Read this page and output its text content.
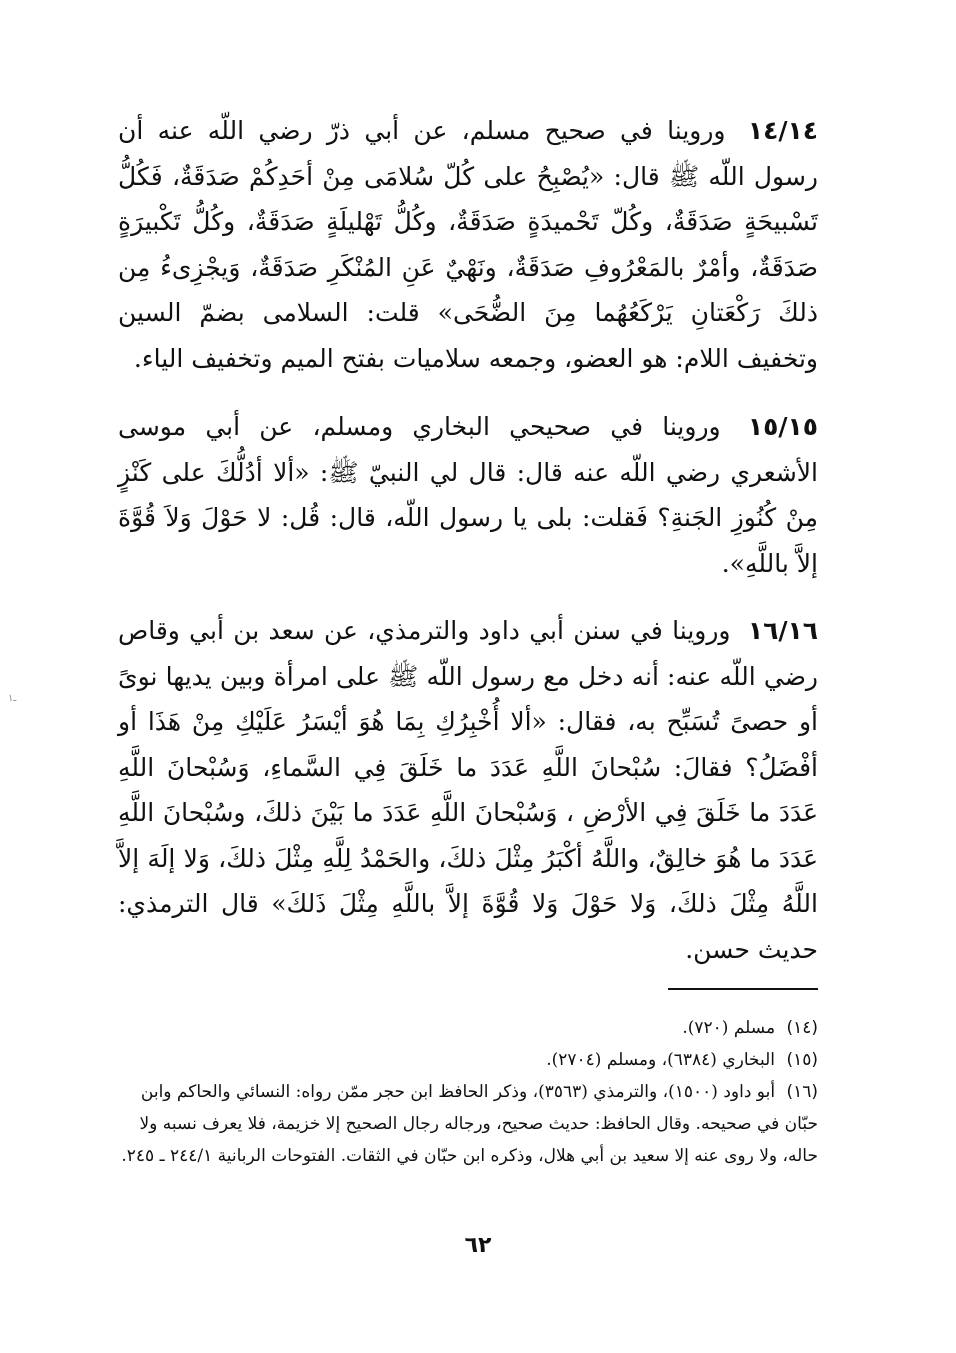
١٤/١٤ وروينا في صحيح مسلم، عن أبي ذرّ رضي اللّه عنه أن رسول اللّه ﷺ قال: «يُصْبِحُ على كُلّ سُلامَى مِنْ أحَدِكُمْ صَدَقَةٌ، فَكُلُّ تَسْبيحَةٍ صَدَقَةٌ، وكُلّ تَحْميدَةٍ صَدَقَةٌ، وكُلُّ تَهْليلَةٍ صَدَقَةٌ، وكُلُّ تَكْبيرَةٍ صَدَقَةٌ، وأمْرٌ بالمَعْرُوفِ صَدَقَةٌ، ونَهْيٌ عَنِ المُنْكَرِ صَدَقَةٌ، وَيجْزِىءُ مِن ذلكَ رَكْعَتانِ يَرْكَعُهُما مِنَ الضُّحَى» قلت: السلامى بضمّ السين وتخفيف اللام: هو العضو، وجمعه سلاميات بفتح الميم وتخفيف الياء.
١٥/١٥ وروينا في صحيحي البخاري ومسلم، عن أبي موسى الأشعري رضي اللّه عنه قال: قال لي النبيّ ﷺ: «ألا أدُلُّكَ على كَنْزٍ مِنْ كُنُوزِ الجَنةِ؟ فَقلت: بلى يا رسول اللّه، قال: قُل: لا حَوْلَ وَلاَ قُوَّةَ إلاَّ باللَّهِ».
١٦/١٦ وروينا في سنن أبي داود والترمذي، عن سعد بن أبي وقاص رضي اللّه عنه: أنه دخل مع رسول اللّه ﷺ على امرأة وبين يديها نوىً أو حصىً تُسَبِّح به، فقال: «ألا أُخْبِرُكِ بِمَا هُوَ أيْسَرُ عَلَيْكِ مِنْ هَذَا أو أفْضَلُ؟ فقالَ: سُبْحانَ اللَّهِ عَدَدَ ما خَلَقَ فِي السَّماءِ، وَسُبْحانَ اللَّهِ عَدَدَ ما خَلَقَ فِي الأرْضِ ، وَسُبْحانَ اللَّهِ عَدَدَ ما بَيْنَ ذلكَ، وسُبْحانَ اللَّهِ عَدَدَ ما هُوَ خالِقٌ، واللَّهُ أكْبَرُ مِثْلَ ذلكَ، والحَمْدُ لِلَّهِ مِثْلَ ذلكَ، وَلا إلَهَ إلاَّ اللَّهُ مِثْلَ ذلكَ، وَلا حَوْلَ وَلا قُوَّةَ إلاَّ باللَّهِ مِثْلَ ذَلكَ» قال الترمذي: حديث حسن.

(١٤) مسلم (٧٢٠).

(١٥) البخاري (٦٣٨٤)، ومسلم (٢٧٠٤).

(١٦) أبو داود (١٥٠٠)، والترمذي (٣٥٦٣)، وذكر الحافظ ابن حجر ممّن رواه: النسائي والحاكم وابن حبّان في صحيحه. وقال الحافظ: حديث صحيح، ورجاله رجال الصحيح إلا خزيمة، فلا يعرف نسبه ولا حاله، ولا روى عنه إلا سعيد بن أبي هلال، وذكره ابن حبّان في الثقات. الفتوحات الربانية ٢٤٤/١ ـ ٢٤٥.

٦٢
ـ١
